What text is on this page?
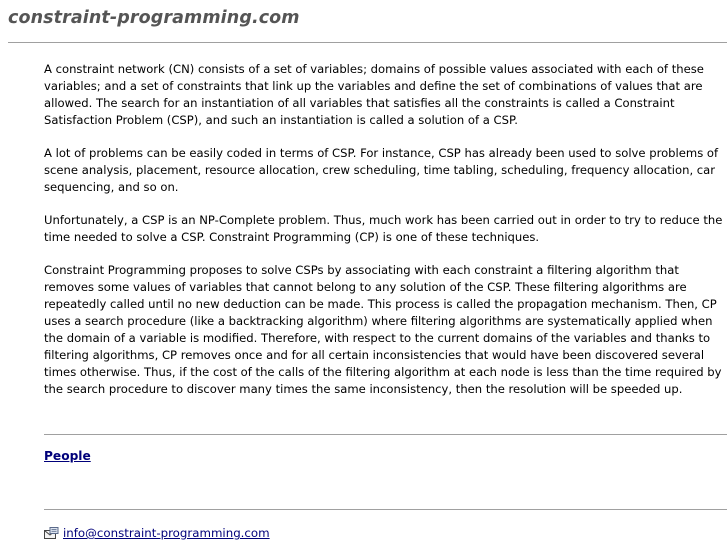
constraint-programming.com

A constraint network (CN) consists of a set of variables; domains of possible values associated with each of these variables; and a set of constraints that link up the variables and define the set of combinations of values that are allowed. The search for an instantiation of all variables that satisfies all the constraints is called a Constraint Satisfaction Problem (CSP), and such an instantiation is called a solution of a CSP.

A lot of problems can be easily coded in terms of CSP. For instance, CSP has already been used to solve problems of scene analysis, placement, resource allocation, crew scheduling, time tabling, scheduling, frequency allocation, car sequencing, and so on.

Unfortunately, a CSP is an NP-Complete problem. Thus, much work has been carried out in order to try to reduce the time needed to solve a CSP. Constraint Programming (CP) is one of these techniques.

Constraint Programming proposes to solve CSPs by associating with each constraint a filtering algorithm that removes some values of variables that cannot belong to any solution of the CSP. These filtering algorithms are repeatedly called until no new deduction can be made. This process is called the propagation mechanism. Then, CP uses a search procedure (like a backtracking algorithm) where filtering algorithms are systematically applied when the domain of a variable is modified. Therefore, with respect to the current domains of the variables and thanks to filtering algorithms, CP removes once and for all certain inconsistencies that would have been discovered several times otherwise. Thus, if the cost of the calls of the filtering algorithm at each node is less than the time required by the search procedure to discover many times the same inconsistency, then the resolution will be speeded up.

People
info@constraint-programming.com
